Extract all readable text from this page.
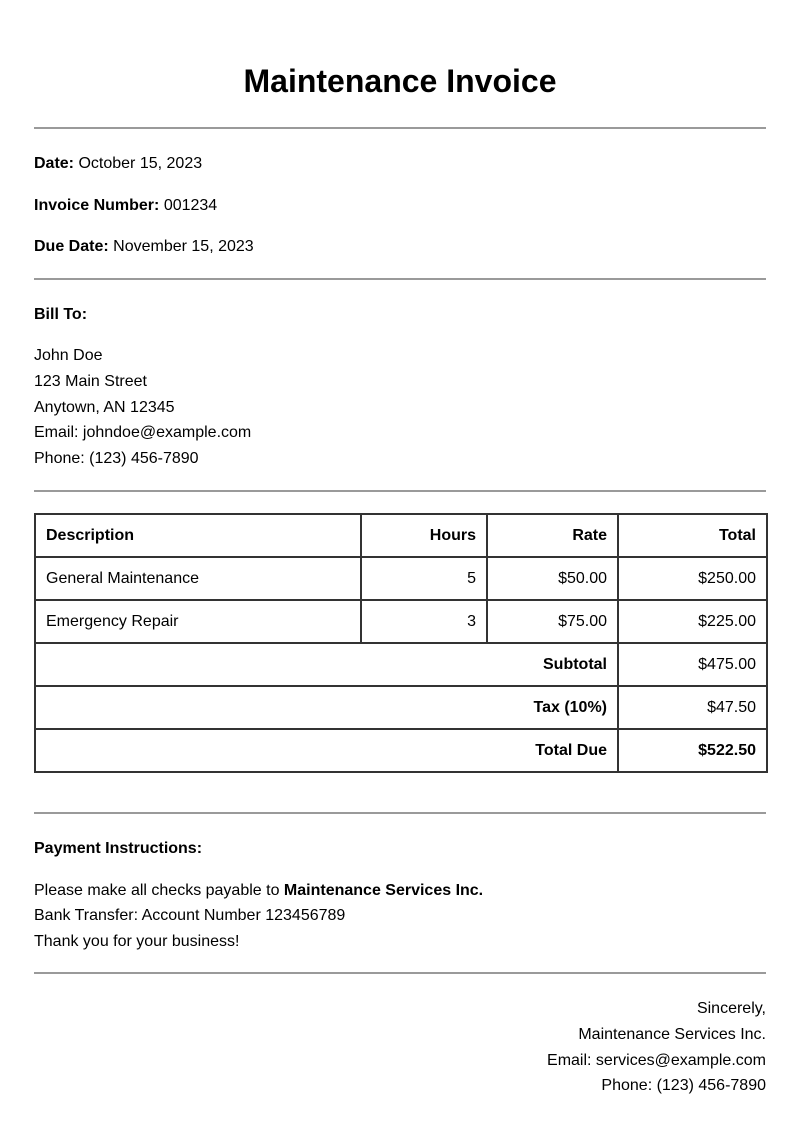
Maintenance Invoice
Date: October 15, 2023
Invoice Number: 001234
Due Date: November 15, 2023
Bill To:
John Doe
123 Main Street
Anytown, AN 12345
Email: johndoe@example.com
Phone: (123) 456-7890
Description	Hours	Rate	Total
General Maintenance	5	$50.00	$250.00
Emergency Repair	3	$75.00	$225.00
Subtotal			$475.00
Tax (10%)			$47.50
Total Due			$522.50
Payment Instructions:
Please make all checks payable to Maintenance Services Inc.
Bank Transfer: Account Number 123456789
Thank you for your business!
Sincerely,
Maintenance Services Inc.
Email: services@example.com
Phone: (123) 456-7890
